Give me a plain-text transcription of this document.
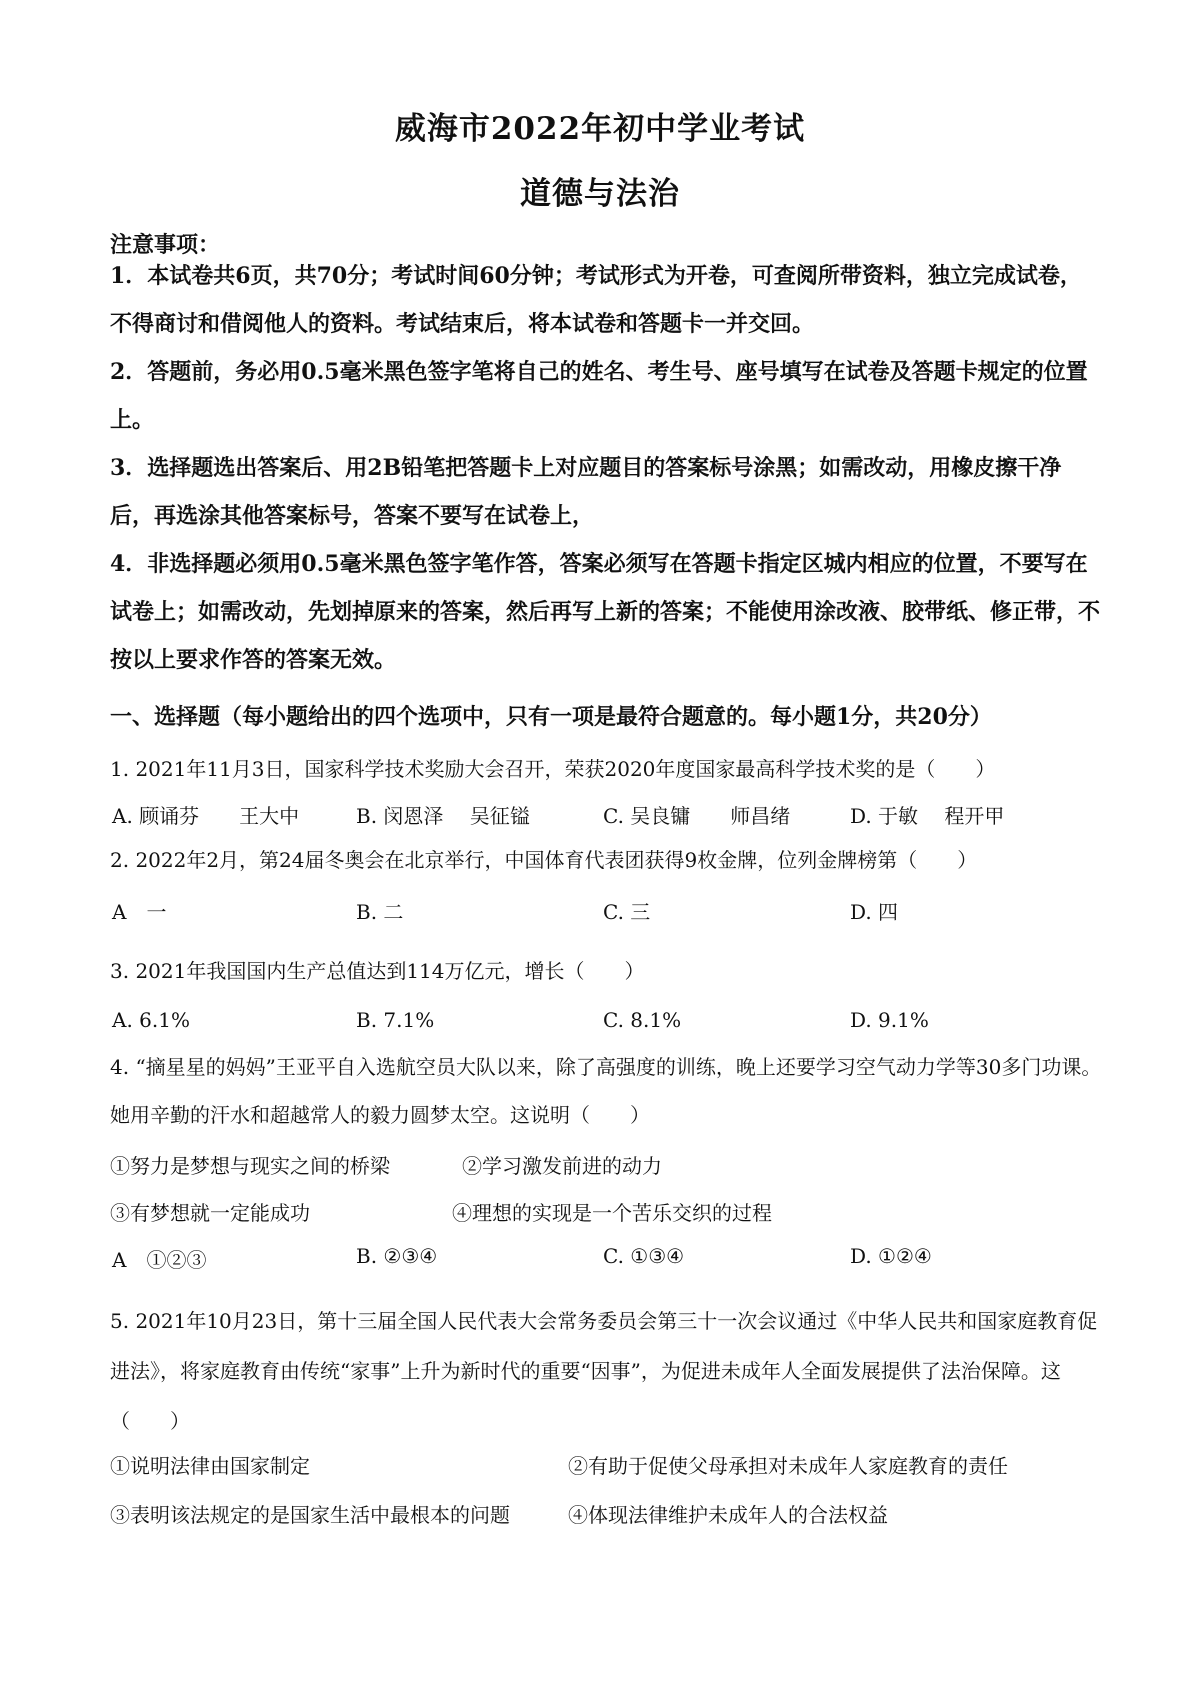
威海市2022年初中学业考试
道德与法治
注意事项：
1．本试卷共6页，共70分；考试时间60分钟；考试形式为开卷，可查阅所带资料，独立完成试卷，不得商讨和借阅他人的资料。考试结束后，将本试卷和答题卡一并交回。
2．答题前，务必用0.5毫米黑色签字笔将自己的姓名、考生号、座号填写在试卷及答题卡规定的位置上。
3．选择题选出答案后、用2B铅笔把答题卡上对应题目的答案标号涂黑；如需改动，用橡皮擦干净后，再选涂其他答案标号，答案不要写在试卷上，
4．非选择题必须用0.5毫米黑色签字笔作答，答案必须写在答题卡指定区城内相应的位置，不要写在试卷上；如需改动，先划掉原来的答案，然后再写上新的答案；不能使用涂改液、胶带纸、修正带，不按以上要求作答的答案无效。
一、选择题（每小题给出的四个选项中，只有一项是最符合题意的。每小题1分，共20分）
1. 2021年11月3日，国家科学技术奖励大会召开，荣获2020年度国家最高科学技术奖的是（　　）
A. 顾诵芬　　王大中	B. 闵恩泽　 吴征镒	C. 吴良镛　　师昌绪	D. 于敏　 程开甲
2. 2022年2月，第24届冬奥会在北京举行，中国体育代表团获得9枚金牌，位列金牌榜第（　　）
A　一	B. 二	C. 三	D. 四
3. 2021年我国国内生产总值达到114万亿元，增长（　　）
A. 6.1%	B. 7.1%	C. 8.1%	D. 9.1%
4. “摘星星的妈妈”王亚平自入选航空员大队以来，除了高强度的训练，晚上还要学习空气动力学等30多门功课。她用辛勤的汗水和超越常人的毅力圆梦太空。这说明（　　）
①努力是梦想与现实之间的桥梁	②学习激发前进的动力
③有梦想就一定能成功	④理想的实现是一个苦乐交织的过程
A　①②③	B. ②③④	C. ①③④	D. ①②④
5. 2021年10月23日，第十三届全国人民代表大会常务委员会第三十一次会议通过《中华人民共和国家庭教育促进法》，将家庭教育由传统“家事”上升为新时代的重要“因事”，为促进未成年人全面发展提供了法治保障。这（　　）
①说明法律由国家制定	②有助于促使父母承担对未成年人家庭教育的责任
③表明该法规定的是国家生活中最根本的问题	④体现法律维护未成年人的合法权益
